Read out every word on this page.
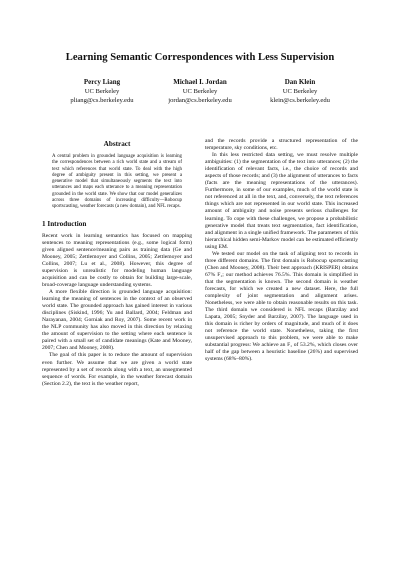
Learning Semantic Correspondences with Less Supervision
Percy Liang
UC Berkeley
pliang@cs.berkeley.edu
Michael I. Jordan
UC Berkeley
jordan@cs.berkeley.edu
Dan Klein
UC Berkeley
klein@cs.berkeley.edu
Abstract
A central problem in grounded language acquisition is learning the correspondences between a rich world state and a stream of text which references that world state. To deal with the high degree of ambiguity present in this setting, we present a generative model that simultaneously segments the text into utterances and maps each utterance to a meaning representation grounded in the world state. We show that our model generalizes across three domains of increasing difficulty—Robocup sportscasting, weather forecasts (a new domain), and NFL recaps.
1 Introduction

Recent work in learning semantics has focused on mapping sentences to meaning representations (e.g., some logical form) given aligned sentence/meaning pairs as training data (Ge and Mooney, 2005; Zettlemoyer and Collins, 2005; Zettlemoyer and Collins, 2007; Lu et al., 2008). However, this degree of supervision is unrealistic for modeling human language acquisition and can be costly to obtain for building large-scale, broad-coverage language understanding systems.

A more flexible direction is grounded language acquisition: learning the meaning of sentences in the context of an observed world state. The grounded approach has gained interest in various disciplines (Siskind, 1996; Yu and Ballard, 2004; Feldman and Narayanan, 2004; Gorniak and Roy, 2007). Some recent work in the NLP community has also moved in this direction by relaxing the amount of supervision to the setting where each sentence is paired with a small set of candidate meanings (Kate and Mooney, 2007; Chen and Mooney, 2008).

The goal of this paper is to reduce the amount of supervision even further. We assume that we are given a world state represented by a set of records along with a text, an unsegmented sequence of words. For example, in the weather forecast domain (Section 2.2), the text is the weather report,

and the records provide a structured representation of the temperature, sky conditions, etc.

In this less restricted data setting, we must resolve multiple ambiguities: (1) the segmentation of the text into utterances; (2) the identification of relevant facts, i.e., the choice of records and aspects of those records; and (3) the alignment of utterances to facts (facts are the meaning representations of the utterances). Furthermore, in some of our examples, much of the world state is not referenced at all in the text, and, conversely, the text references things which are not represented in our world state. This increased amount of ambiguity and noise presents serious challenges for learning. To cope with these challenges, we propose a probabilistic generative model that treats text segmentation, fact identification, and alignment in a single unified framework. The parameters of this hierarchical hidden semi-Markov model can be estimated efficiently using EM.

We tested our model on the task of aligning text to records in three different domains. The first domain is Robocup sportscasting (Chen and Mooney, 2008). Their best approach (KRISPER) obtains 67% F₁; our method achieves 76.5%. This domain is simplified in that the segmentation is known. The second domain is weather forecasts, for which we created a new dataset. Here, the full complexity of joint segmentation and alignment arises. Nonetheless, we were able to obtain reasonable results on this task. The third domain we considered is NFL recaps (Barzilay and Lapata, 2005; Snyder and Barzilay, 2007). The language used in this domain is richer by orders of magnitude, and much of it does not reference the world state. Nonetheless, taking the first unsupervised approach to this problem, we were able to make substantial progress: We achieve an F₁ of 53.2%, which closes over half of the gap between a heuristic baseline (26%) and supervised systems (68%–80%).
